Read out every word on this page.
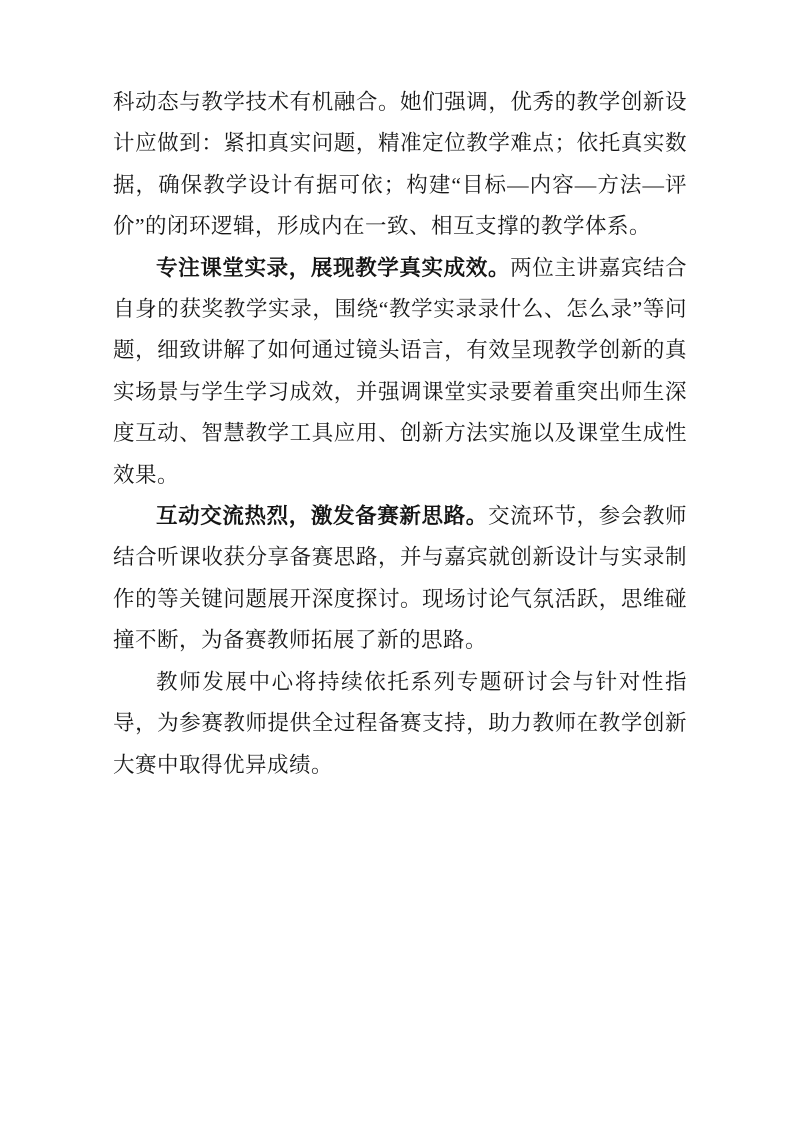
科动态与教学技术有机融合。她们强调，优秀的教学创新设计应做到：紧扣真实问题，精准定位教学难点；依托真实数据，确保教学设计有据可依；构建“目标—内容—方法—评价”的闭环逻辑，形成内在一致、相互支撑的教学体系。

专注课堂实录，展现教学真实成效。两位主讲嘉宾结合自身的获奖教学实录，围绕“教学实录录什么、怎么录”等问题，细致讲解了如何通过镜头语言，有效呈现教学创新的真实场景与学生学习成效，并强调课堂实录要着重突出师生深度互动、智慧教学工具应用、创新方法实施以及课堂生成性效果。

互动交流热烈，激发备赛新思路。交流环节，参会教师结合听课收获分享备赛思路，并与嘉宾就创新设计与实录制作的等关键问题展开深度探讨。现场讨论气氛活跃，思维碰撞不断，为备赛教师拓展了新的思路。

教师发展中心将持续依托系列专题研讨会与针对性指导，为参赛教师提供全过程备赛支持，助力教师在教学创新大赛中取得优异成绩。
